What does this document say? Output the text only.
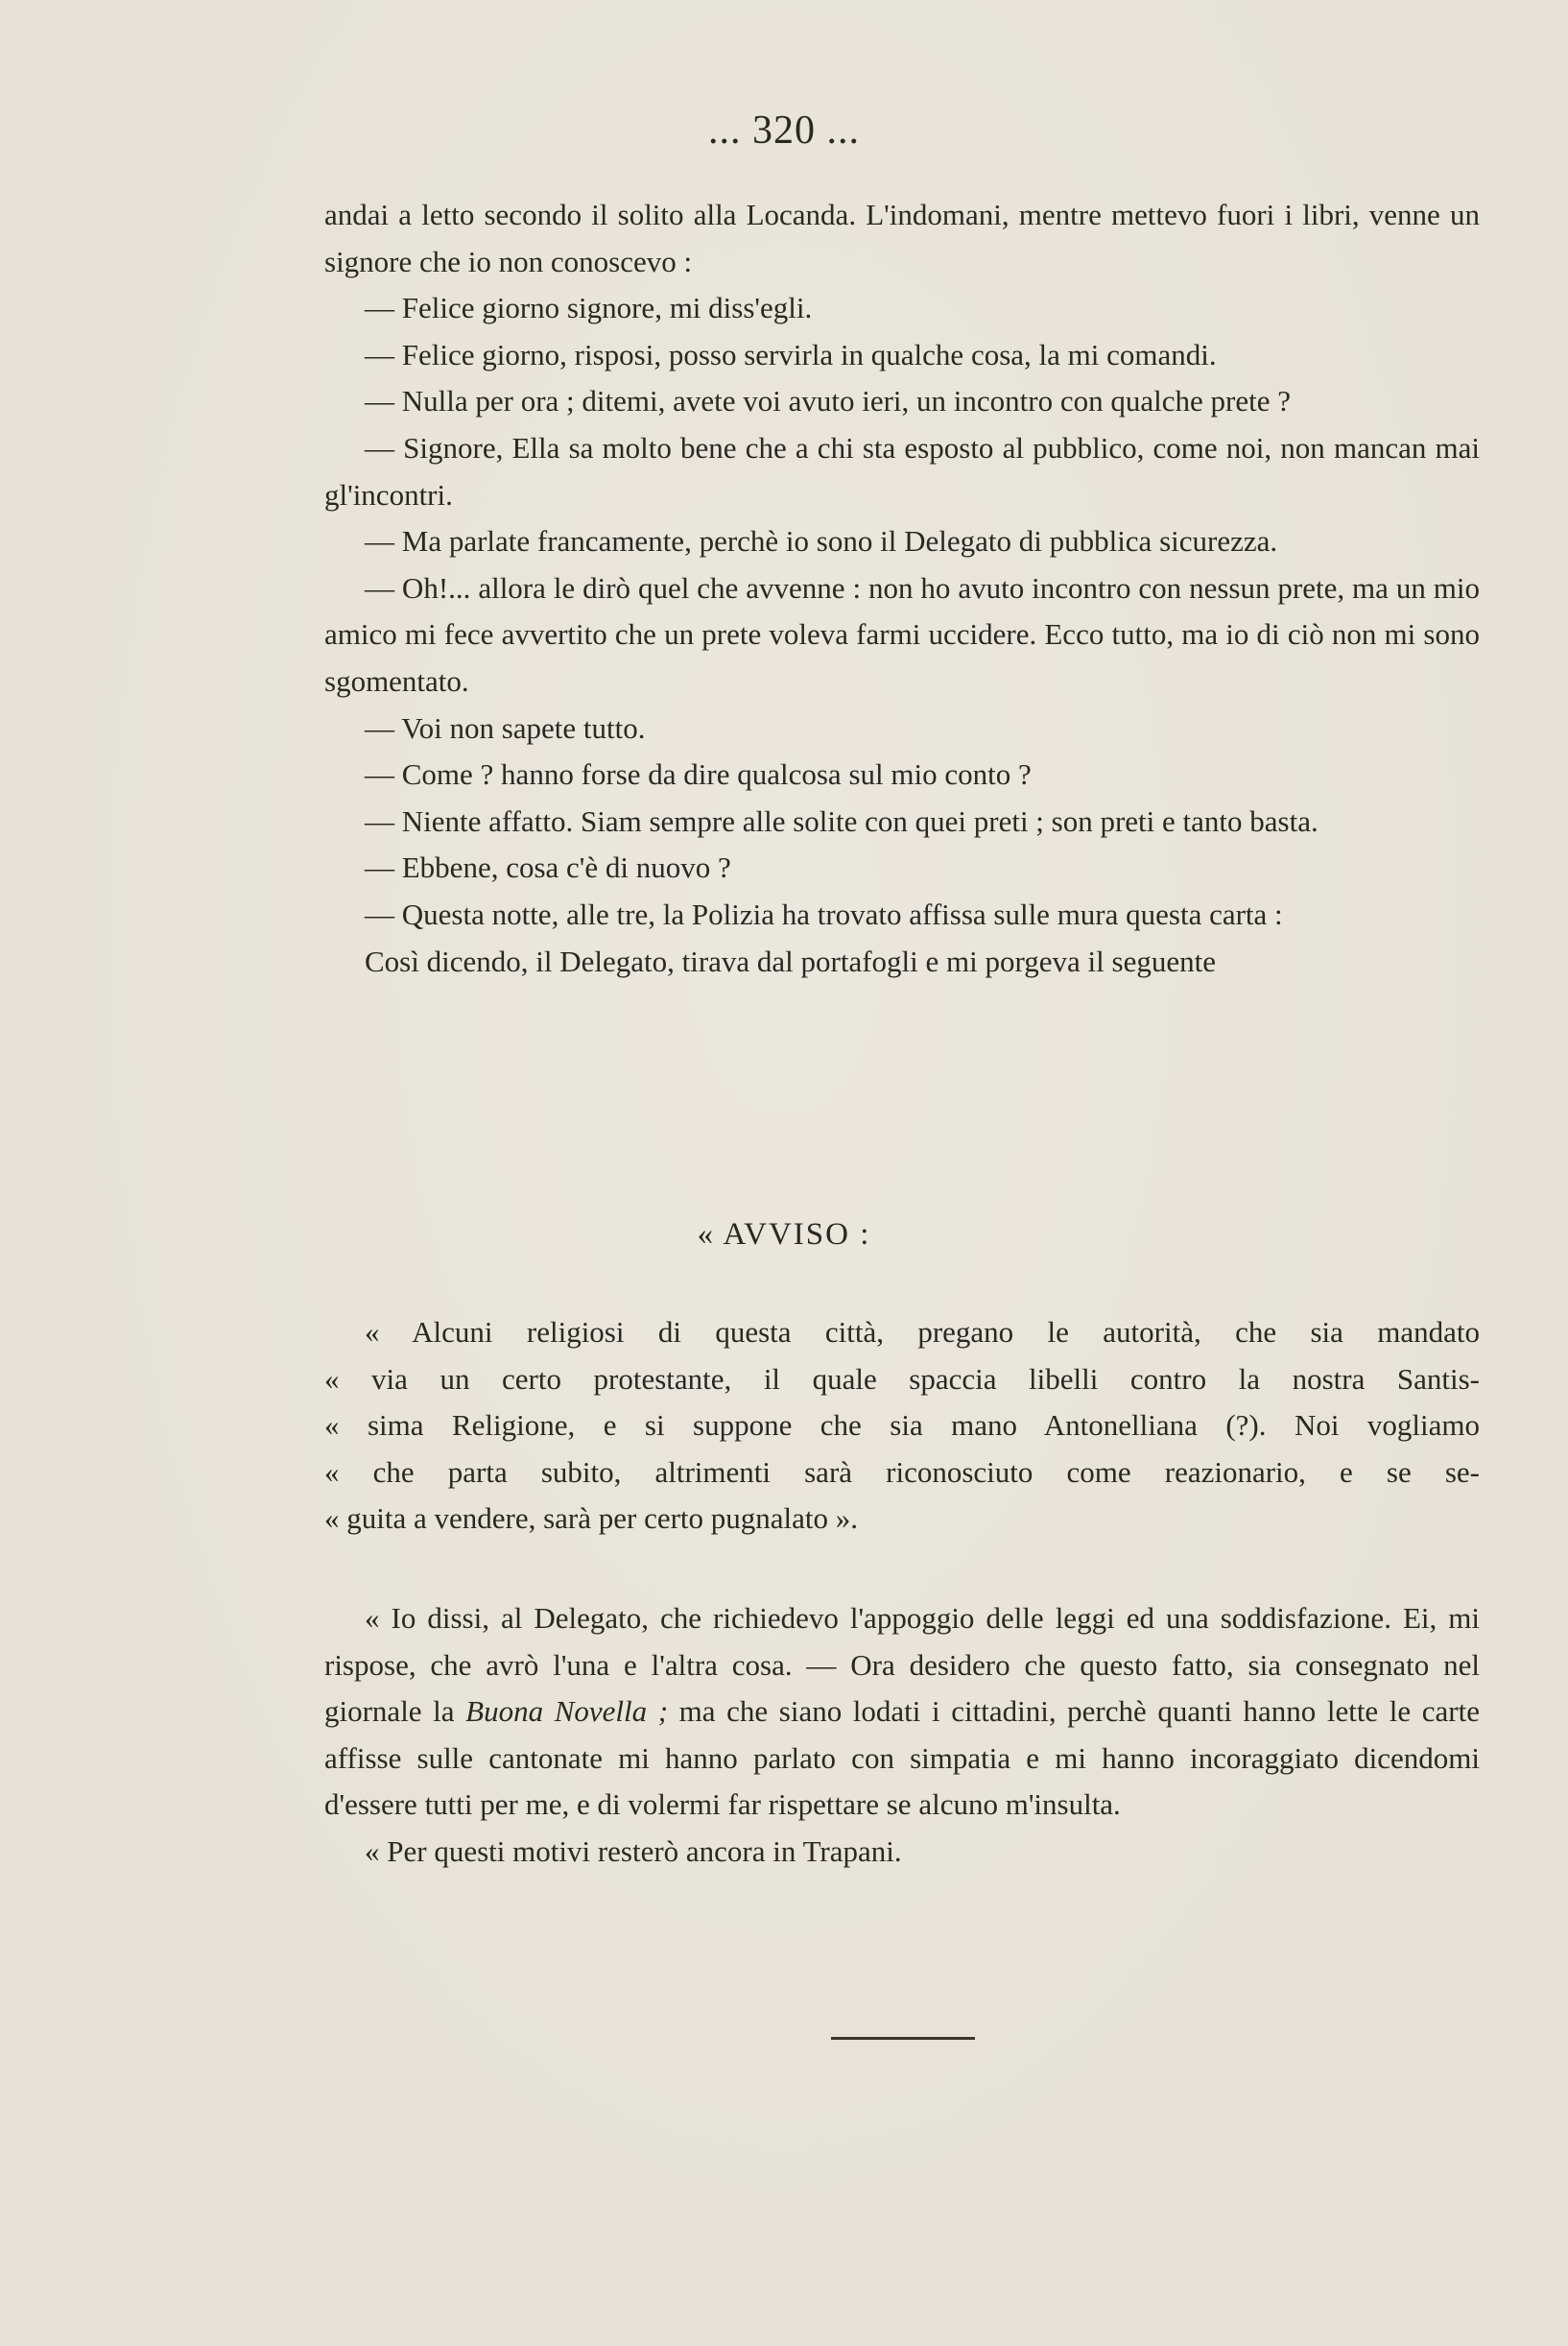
... 320 ...

andai a letto secondo il solito alla Locanda. L'indomani, mentre mettevo fuori i libri, venne un signore che io non conoscevo :

— Felice giorno signore, mi diss'egli.

— Felice giorno, risposi, posso servirla in qualche cosa, la mi comandi.

— Nulla per ora ; ditemi, avete voi avuto ieri, un incontro con qualche prete ?

— Signore, Ella sa molto bene che a chi sta esposto al pubblico, come noi, non mancan mai gl'incontri.

— Ma parlate francamente, perchè io sono il Delegato di pubblica sicurezza.

— Oh!... allora le dirò quel che avvenne : non ho avuto incontro con nessun prete, ma un mio amico mi fece avvertito che un prete voleva farmi uccidere. Ecco tutto, ma io di ciò non mi sono sgomentato.

— Voi non sapete tutto.

— Come ? hanno forse da dire qualcosa sul mio conto ?

— Niente affatto. Siam sempre alle solite con quei preti ; son preti e tanto basta.

— Ebbene, cosa c'è di nuovo ?

— Questa notte, alle tre, la Polizia ha trovato affissa sulle mura questa carta :

Così dicendo, il Delegato, tirava dal portafogli e mi porgeva il seguente

« AVVISO :

« Alcuni religiosi di questa città, pregano le autorità, che sia mandato

« via un certo protestante, il quale spaccia libelli contro la nostra Santis-

« sima Religione, e si suppone che sia mano Antonelliana (?). Noi vogliamo

« che parta subito, altrimenti sarà riconosciuto come reazionario, e se se-

« guita a vendere, sarà per certo pugnalato ».

« Io dissi, al Delegato, che richiedevo l'appoggio delle leggi ed una soddisfazione. Ei, mi rispose, che avrò l'una e l'altra cosa. — Ora desidero che questo fatto, sia consegnato nel giornale la Buona Novella ; ma che siano lodati i cittadini, perchè quanti hanno lette le carte affisse sulle cantonate mi hanno parlato con simpatia e mi hanno incoraggiato dicendomi d'essere tutti per me, e di volermi far rispettare se alcuno m'insulta.

« Per questi motivi resterò ancora in Trapani.
